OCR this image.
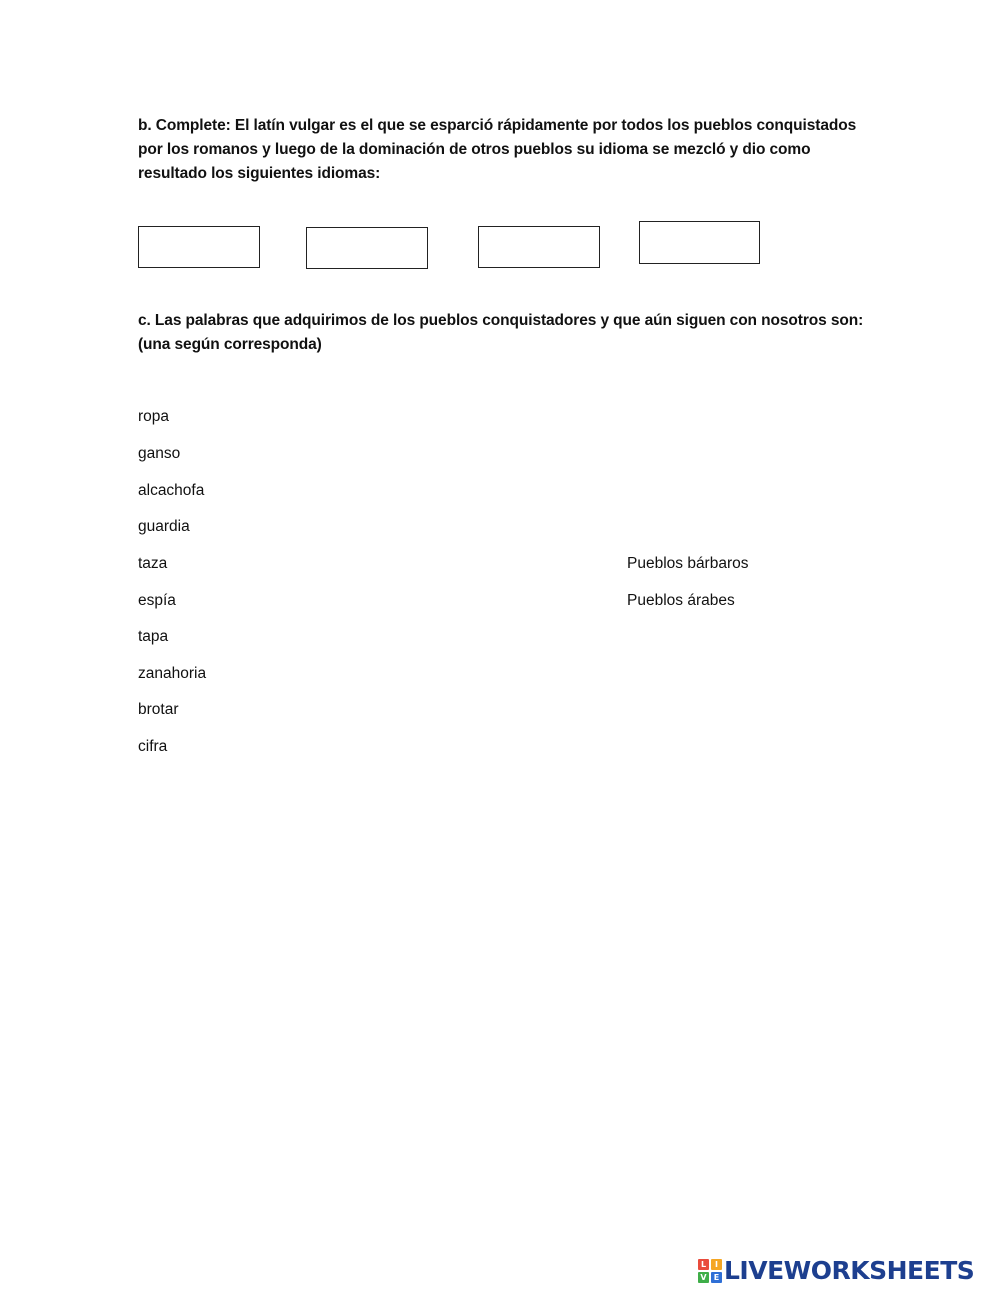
b. Complete: El latín vulgar es el que se esparció rápidamente por todos los pueblos conquistados por los romanos y luego de la dominación de otros pueblos su idioma se mezcló y dio como resultado los siguientes idiomas:
c. Las palabras que adquirimos de los pueblos conquistadores y que aún siguen con nosotros son: (una según corresponda)
ropa
ganso
alcachofa
guardia
taza
espía
tapa
zanahoria
brotar
cifra
Pueblos bárbaros
Pueblos árabes
L	I
V E LIVEWORKSHEETS
